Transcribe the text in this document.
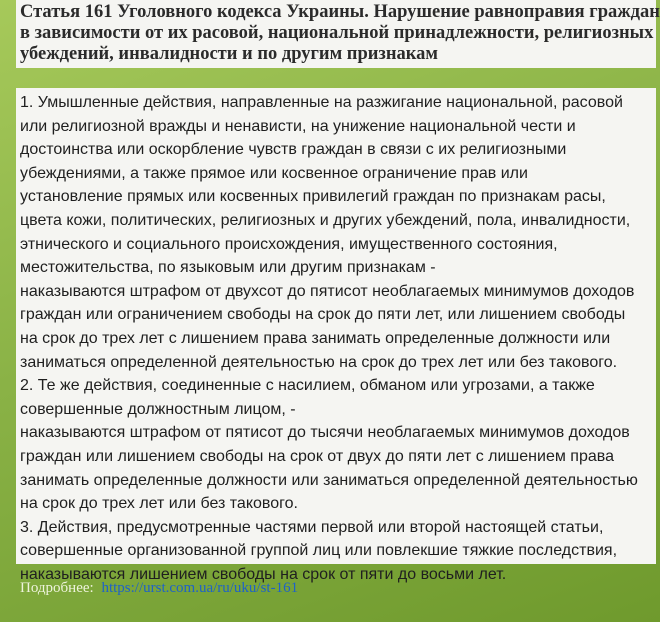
Статья 161 Уголовного кодекса Украины. Нарушение равноправия граждан
в зависимости от их расовой, национальной принадлежности, религиозных
убеждений, инвалидности и по другим признакам
1. Умышленные действия, направленные на разжигание национальной, расовой
или религиозной вражды и ненависти, на унижение национальной чести и
достоинства или оскорбление чувств граждан в связи с их религиозными
убеждениями, а также прямое или косвенное ограничение прав или
установление прямых или косвенных привилегий граждан по признакам расы,
цвета кожи, политических, религиозных и других убеждений, пола, инвалидности,
этнического и социального происхождения, имущественного состояния,
местожительства, по языковым или другим признакам -
наказываются штрафом от двухсот до пятисот необлагаемых минимумов доходов
граждан или ограничением свободы на срок до пяти лет, или лишением свободы
на срок до трех лет с лишением права занимать определенные должности или
заниматься определенной деятельностью на срок до трех лет или без такового.
2. Те же действия, соединенные с насилием, обманом или угрозами, а также
совершенные должностным лицом, -
наказываются штрафом от пятисот до тысячи необлагаемых минимумов доходов
граждан или лишением свободы на срок от двух до пяти лет с лишением права
занимать определенные должности или заниматься определенной деятельностью
на срок до трех лет или без такового.
3. Действия, предусмотренные частями первой или второй настоящей статьи,
совершенные организованной группой лиц или повлекшие тяжкие последствия,
наказываются лишением свободы на срок от пяти до восьми лет.
Подробнее: https://urst.com.ua/ru/uku/st-161
